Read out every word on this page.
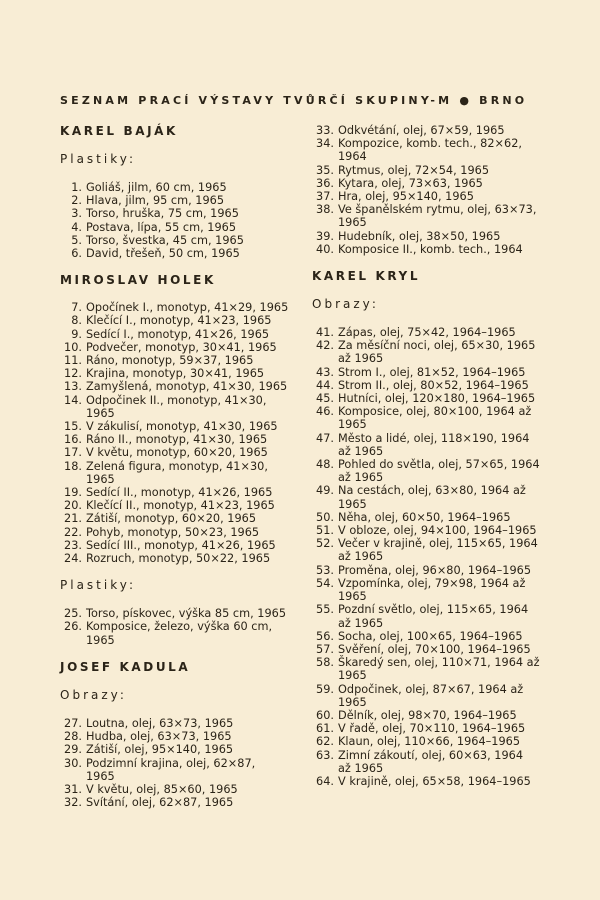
SEZNAM PRACÍ VÝSTAVY TVŮRČÍ SKUPINY-M ● BRNO
KAREL BAJÁK
Plastiky:
1. Goliáš, jilm, 60 cm, 1965
2. Hlava, jilm, 95 cm, 1965
3. Torso, hruška, 75 cm, 1965
4. Postava, lípa, 55 cm, 1965
5. Torso, švestka, 45 cm, 1965
6. David, třešeň, 50 cm, 1965
MIROSLAV HOLEK
7. Opočínek I., monotyp, 41×29, 1965
8. Klečící I., monotyp, 41×23, 1965
9. Sedící I., monotyp, 41×26, 1965
10. Podvečer, monotyp, 30×41, 1965
11. Ráno, monotyp, 59×37, 1965
12. Krajina, monotyp, 30×41, 1965
13. Zamyšlená, monotyp, 41×30, 1965
14. Odpočinek II., monotyp, 41×30,
1965
15. V zákulisí, monotyp, 41×30, 1965
16. Ráno II., monotyp, 41×30, 1965
17. V květu, monotyp, 60×20, 1965
18. Zelená figura, monotyp, 41×30,
1965
19. Sedící II., monotyp, 41×26, 1965
20. Klečící II., monotyp, 41×23, 1965
21. Zátiší, monotyp, 60×20, 1965
22. Pohyb, monotyp, 50×23, 1965
23. Sedící III., monotyp, 41×26, 1965
24. Rozruch, monotyp, 50×22, 1965
Plastiky:
25. Torso, pískovec, výška 85 cm, 1965
26. Komposice, železo, výška 60 cm,
1965
JOSEF KADULA
Obrazy:
27. Loutna, olej, 63×73, 1965
28. Hudba, olej, 63×73, 1965
29. Zátiší, olej, 95×140, 1965
30. Podzimní krajina, olej, 62×87,
1965
31. V květu, olej, 85×60, 1965
32. Svítání, olej, 62×87, 1965
33. Odkvétání, olej, 67×59, 1965
34. Kompozice, komb. tech., 82×62,
1964
35. Rytmus, olej, 72×54, 1965
36. Kytara, olej, 73×63, 1965
37. Hra, olej, 95×140, 1965
38. Ve španělském rytmu, olej, 63×73,
1965
39. Hudebník, olej, 38×50, 1965
40. Komposice II., komb. tech., 1964
KAREL KRYL
Obrazy:
41. Zápas, olej, 75×42, 1964–1965
42. Za měsíční noci, olej, 65×30, 1965
až 1965
43. Strom I., olej, 81×52, 1964–1965
44. Strom II., olej, 80×52, 1964–1965
45. Hutníci, olej, 120×180, 1964–1965
46. Komposice, olej, 80×100, 1964 až
1965
47. Město a lidé, olej, 118×190, 1964
až 1965
48. Pohled do světla, olej, 57×65, 1964
až 1965
49. Na cestách, olej, 63×80, 1964 až
1965
50. Něha, olej, 60×50, 1964–1965
51. V obloze, olej, 94×100, 1964–1965
52. Večer v krajině, olej, 115×65, 1964
až 1965
53. Proměna, olej, 96×80, 1964–1965
54. Vzpomínka, olej, 79×98, 1964 až
1965
55. Pozdní světlo, olej, 115×65, 1964
až 1965
56. Socha, olej, 100×65, 1964–1965
57. Svěření, olej, 70×100, 1964–1965
58. Škaredý sen, olej, 110×71, 1964 až
1965
59. Odpočinek, olej, 87×67, 1964 až
1965
60. Dělník, olej, 98×70, 1964–1965
61. V řadě, olej, 70×110, 1964–1965
62. Klaun, olej, 110×66, 1964–1965
63. Zimní zákoutí, olej, 60×63, 1964
až 1965
64. V krajině, olej, 65×58, 1964–1965
